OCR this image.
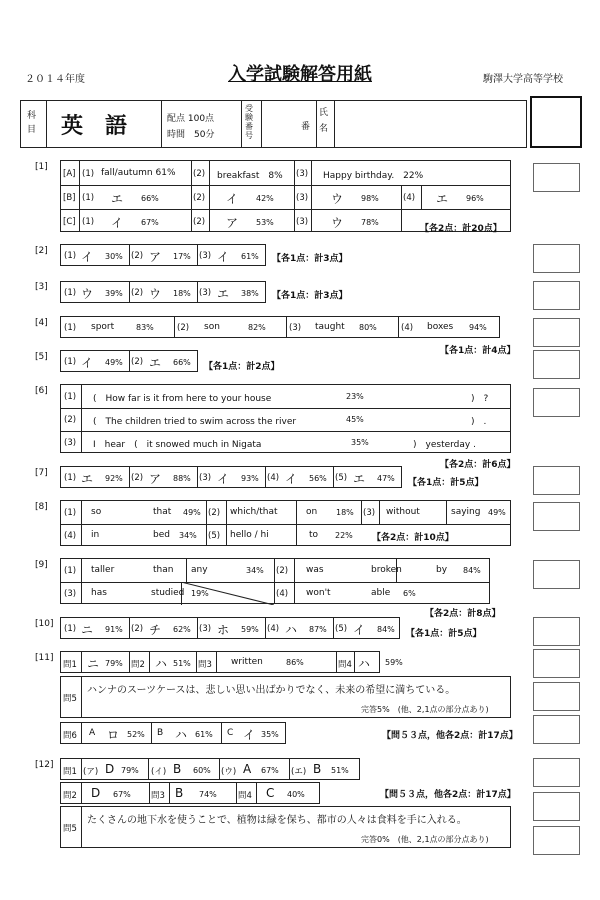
２０１４年度	入学試験解答用紙	駒澤大学高等学校
科目 英　語	配点 100点
時間　50分
受験番号
番
氏名
[1]
[A] (1) fall/autumn 61% (2) breakfast　8% (3) Happy birthday.　22%
[B] (1) エ 66%	(2) イ 42%	(3) ウ 98%	(4) エ 96%
[C] (1) イ 67%	(2) ア 53%	(3) ウ 78%
【各2点：計20点】
[2] (1) イ 30% (2) ア 17% (3) イ 61% 【各1点：計3点】
[3]
(1) ウ 39% (2) ウ 18% (3) エ 38% 【各1点：計3点】
[4] (1) sport	83%	(2) son	82%	(3) taught 80%	(4) boxes 94%
【各1点：計4点】
[5] (1) イ 49% (2) エ 66% 【各1点：計2点】
[6]
(1) (　How far is it from here to your house	23%	)　?
(2) (　The children tried to swim across the river	45%	)　.
(3) I　hear　(　it snowed much in Nigata	35%	)　yesterday .
【各2点：計6点】
[7] (1) エ 92% (2) ア 88% (3) イ 93% (4) イ 56% (5) エ 47% 【各1点：計5点】
[8]
(1) so	that 49% (2) which/that	on 18% (3) without	saying 49%
(4) in	bed 34% (5) hello / hi	to 22% 【各2点：計10点】
[9]
(1) taller	than any	34% (2) was	broken	by 84%
(3) has	studied 19%	(4) won't	able 6%
【各2点：計8点】
[10] (1) ニ 91% (2) チ 62% (3) ホ 59% (4) ハ 87% (5) イ 84% 【各1点：計5点】
[11]
問1 ニ 79% 問2 ハ 51% 問3 written	86%	問4 ハ 59%
問5
ハンナのスーツケースは、悲しい思い出ばかりでなく、未来の希望に満ちている。
完答5%　(他、2,1点の部分点あり)
問6 A ロ 52% B ハ 61% C イ 35%	【問５３点，他各2点：計17点】
[12]
問1 (ア) D 79% (イ) B 60% (ウ) A 67% (エ) B 51%
問2 D 67% 問3 B 74% 問4 C 40%	【問５３点，他各2点：計17点】
問5
たくさんの地下水を使うことで、植物は緑を保ち、都市の人々は食料を手に入れる。
完答0%　(他、2,1点の部分点あり)
